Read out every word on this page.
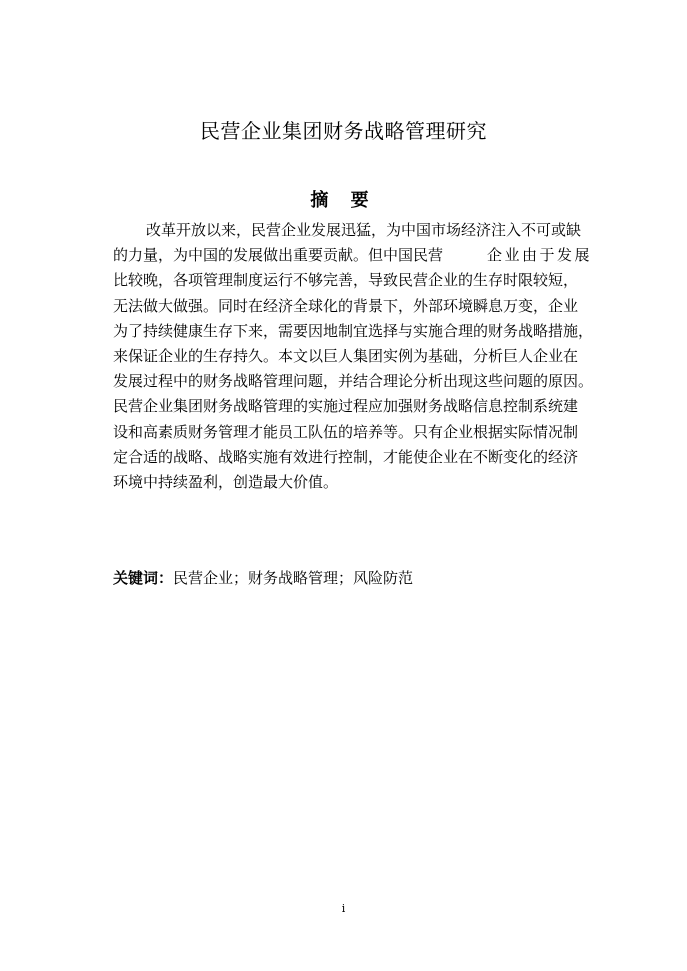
民营企业集团财务战略管理研究
摘 要
改革开放以来，民营企业发展迅猛，为中国市场经济注入不可或缺
的力量，为中国的发展做出重要贡献。但中国民营	企业由于发展
比较晚，各项管理制度运行不够完善，导致民营企业的生存时限较短，
无法做大做强。同时在经济全球化的背景下，外部环境瞬息万变，企业
为了持续健康生存下来，需要因地制宜选择与实施合理的财务战略措施，
来保证企业的生存持久。本文以巨人集团实例为基础，分析巨人企业在
发展过程中的财务战略管理问题，并结合理论分析出现这些问题的原因。
民营企业集团财务战略管理的实施过程应加强财务战略信息控制系统建
设和高素质财务管理才能员工队伍的培养等。只有企业根据实际情况制
定合适的战略、战略实施有效进行控制，才能使企业在不断变化的经济
环境中持续盈利，创造最大价值。
关键词：民营企业；财务战略管理；风险防范
i
